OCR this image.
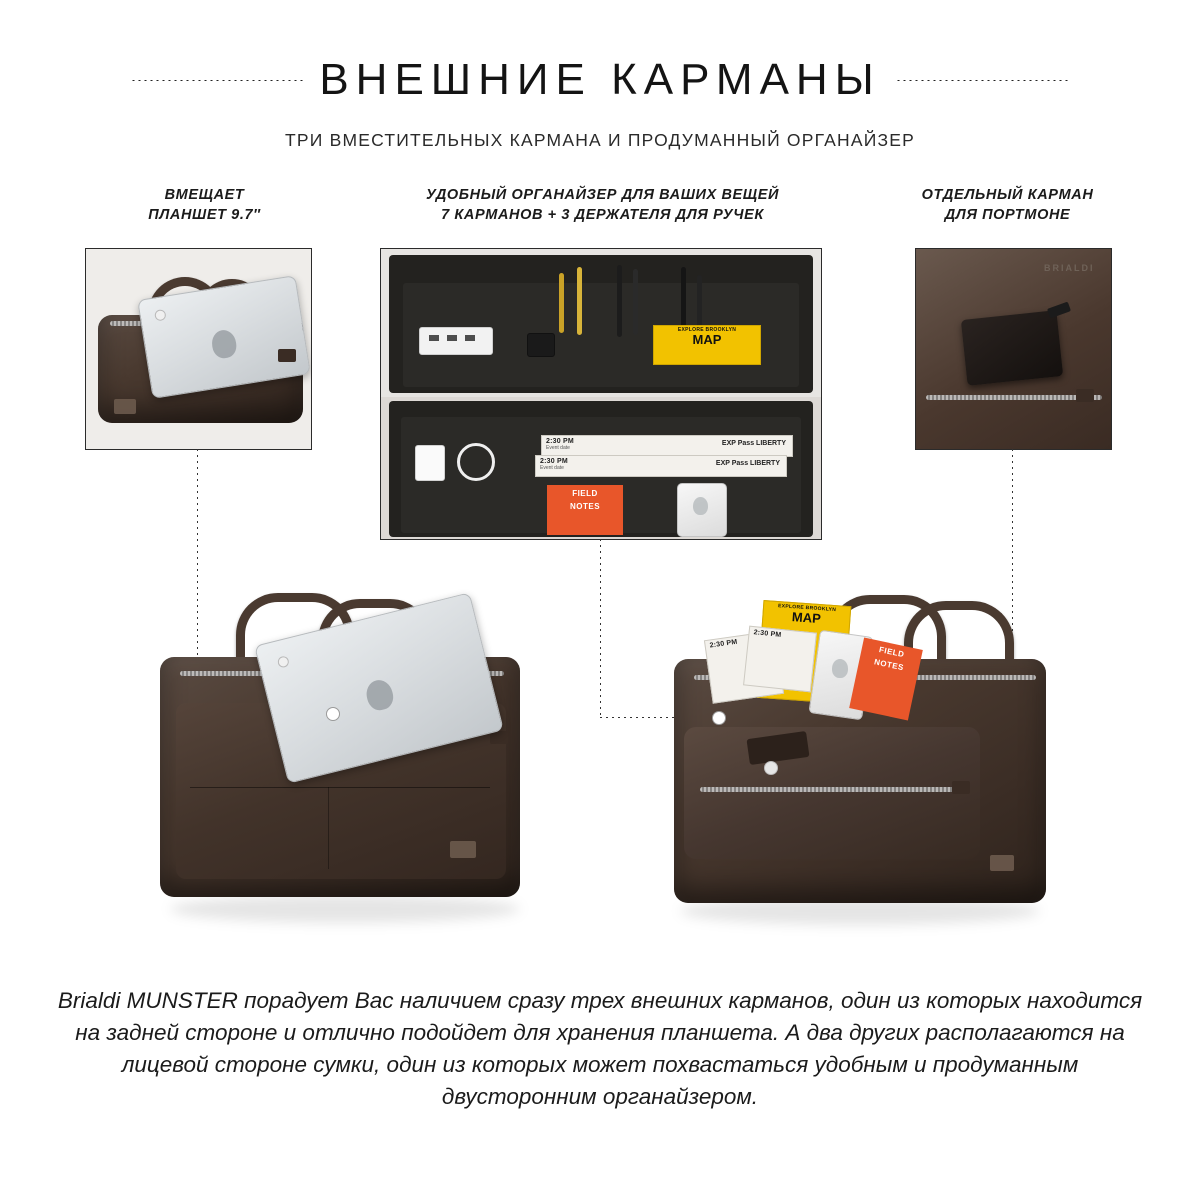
ВНЕШНИЕ КАРМАНЫ
ТРИ ВМЕСТИТЕЛЬНЫХ КАРМАНА И ПРОДУМАННЫЙ ОРГАНАЙЗЕР
ВМЕЩАЕТ
ПЛАНШЕТ 9.7″
УДОБНЫЙ ОРГАНАЙЗЕР ДЛЯ ВАШИХ ВЕЩЕЙ
7 КАРМАНОВ + 3 ДЕРЖАТЕЛЯ ДЛЯ РУЧЕК
ОТДЕЛЬНЫЙ КАРМАН
ДЛЯ ПОРТМОНЕ
EXPLORE BROOKLYN
MAP
2:30 PM
Event date
EXP Pass LIBERTY
2:30 PM
Event date
EXP Pass LIBERTY
FIELD
NOTES
BRIALDI
EXPLORE BROOKLYN
MAP
2:30 PM
2:30 PM
FIELD
NOTES
Brialdi MUNSTER порадует Вас наличием сразу трех внешних карманов, один из которых находится на задней стороне и отлично подойдет для хранения планшета. А два других располагаются на лицевой стороне сумки, один из которых может похвастаться удобным и продуманным двусторонним органайзером.
